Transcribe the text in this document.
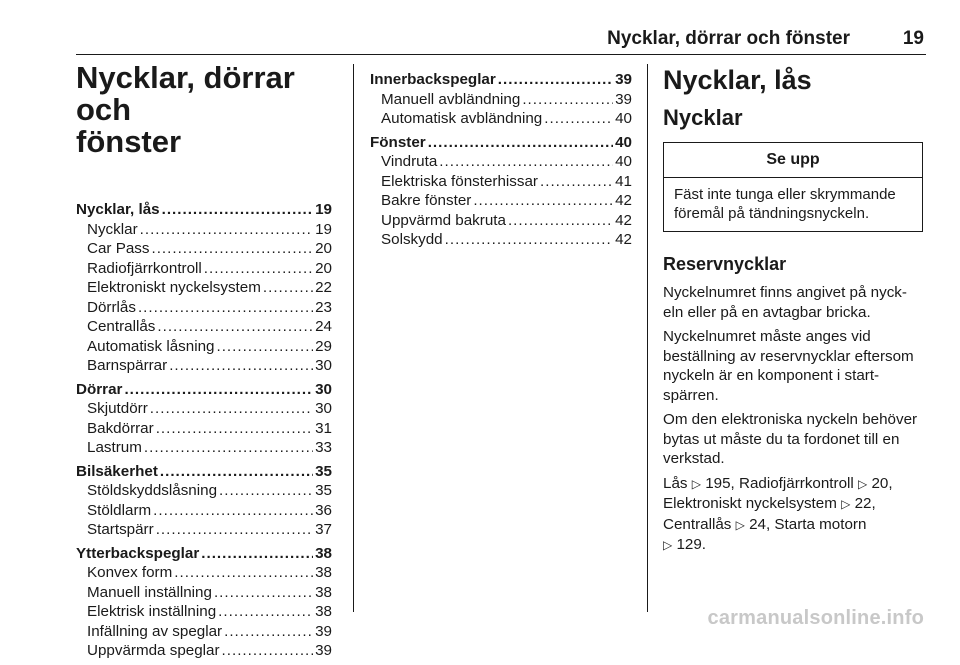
Nycklar, dörrar och fönster	19
Nycklar, dörrar och
fönster
Nycklar, lås .....	19
Nycklar .....	19
Car Pass .....	20
Radiofjärrkontroll .....	20
Elektroniskt nyckelsystem .....	22
Dörrlås .....	23
Centrallås .....	24
Automatisk låsning .....	29
Barnspärrar .....	30
Dörrar .....	30
Skjutdörr .....	30
Bakdörrar .....	31
Lastrum .....	33
Bilsäkerhet .....	35
Stöldskyddslåsning .....	35
Stöldlarm .....	36
Startspärr .....	37
Ytterbackspeglar .....	38
Konvex form .....	38
Manuell inställning .....	38
Elektrisk inställning .....	38
Infällning av speglar .....	39
Uppvärmda speglar .....	39
Innerbackspeglar .....	39
Manuell avbländning .....	39
Automatisk avbländning .....	40
Fönster .....	40
Vindruta .....	40
Elektriska fönsterhissar .....	41
Bakre fönster .....	42
Uppvärmd bakruta .....	42
Solskydd .....	42
Nycklar, lås
Nycklar
Se upp
Fäst inte tunga eller skrymmande
föremål på tändningsnyckeln.
Reservnycklar

Nyckelnumret finns angivet på nyck-
eln eller på en avtagbar bricka.

Nyckelnumret måste anges vid
beställning av reservnycklar eftersom
nyckeln är en komponent i start-
spärren.

Om den elektroniska nyckeln behöver
bytas ut måste du ta fordonet till en
verkstad.

Lås ▷ 195, Radiofjärrkontroll ▷ 20,
Elektroniskt nyckelsystem ▷ 22,
Centrallås ▷ 24, Starta motorn
▷ 129.

carmanualsonline.info
